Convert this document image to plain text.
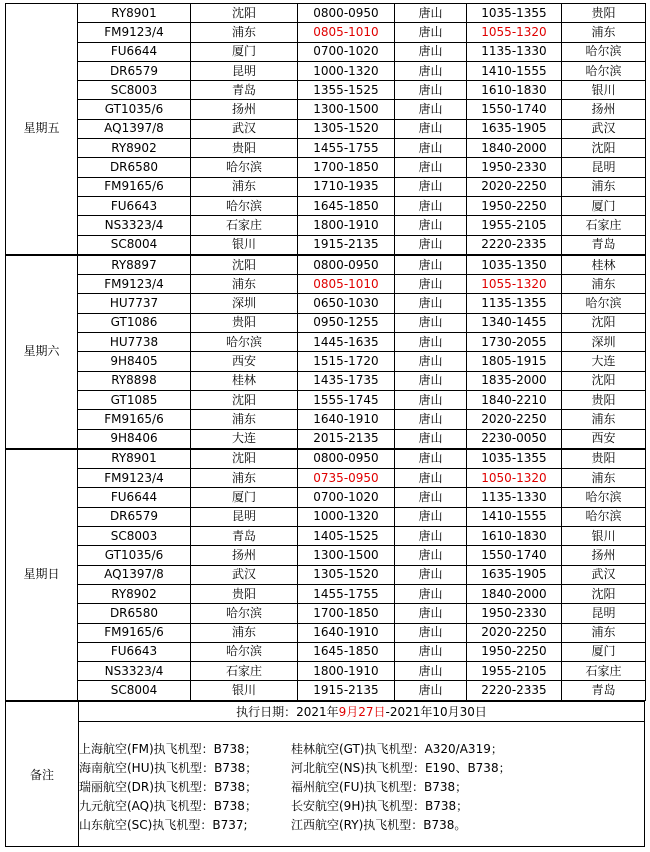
星期五	RY8901	沈阳	0800-0950	唐山	1035-1355	贵阳
	FM9123/4	浦东	0805-1010	唐山	1055-1320	浦东
	FU6644	厦门	0700-1020	唐山	1135-1330	哈尔滨
	DR6579	昆明	1000-1320	唐山	1410-1555	哈尔滨
	SC8003	青岛	1355-1525	唐山	1610-1830	银川
	GT1035/6	扬州	1300-1500	唐山	1550-1740	扬州
	AQ1397/8	武汉	1305-1520	唐山	1635-1905	武汉
	RY8902	贵阳	1455-1755	唐山	1840-2000	沈阳
	DR6580	哈尔滨	1700-1850	唐山	1950-2330	昆明
	FM9165/6	浦东	1710-1935	唐山	2020-2250	浦东
	FU6643	哈尔滨	1645-1850	唐山	1950-2250	厦门
	NS3323/4	石家庄	1800-1910	唐山	1955-2105	石家庄
	SC8004	银川	1915-2135	唐山	2220-2335	青岛
星期六	RY8897	沈阳	0800-0950	唐山	1035-1350	桂林
	FM9123/4	浦东	0805-1010	唐山	1055-1320	浦东
	HU7737	深圳	0650-1030	唐山	1135-1355	哈尔滨
	GT1086	贵阳	0950-1255	唐山	1340-1455	沈阳
	HU7738	哈尔滨	1445-1635	唐山	1730-2055	深圳
	9H8405	西安	1515-1720	唐山	1805-1915	大连
	RY8898	桂林	1435-1735	唐山	1835-2000	沈阳
	GT1085	沈阳	1555-1745	唐山	1840-2210	贵阳
	FM9165/6	浦东	1640-1910	唐山	2020-2250	浦东
	9H8406	大连	2015-2135	唐山	2230-0050	西安
星期日	RY8901	沈阳	0800-0950	唐山	1035-1355	贵阳
	FM9123/4	浦东	0735-0950	唐山	1050-1320	浦东
	FU6644	厦门	0700-1020	唐山	1135-1330	哈尔滨
	DR6579	昆明	1000-1320	唐山	1410-1555	哈尔滨
	SC8003	青岛	1405-1525	唐山	1610-1830	银川
	GT1035/6	扬州	1300-1500	唐山	1550-1740	扬州
	AQ1397/8	武汉	1305-1520	唐山	1635-1905	武汉
	RY8902	贵阳	1455-1755	唐山	1840-2000	沈阳
	DR6580	哈尔滨	1700-1850	唐山	1950-2330	昆明
	FM9165/6	浦东	1640-1910	唐山	2020-2250	浦东
	FU6643	哈尔滨	1645-1850	唐山	1950-2250	厦门
	NS3323/4	石家庄	1800-1910	唐山	1955-2105	石家庄
	SC8004	银川	1915-2135	唐山	2220-2335	青岛
备注	执行日期：2021年9月27日-2021年10月30日

上海航空(FM)执飞机型：B738；	桂林航空(GT)执飞机型：A320/A319；
海南航空(HU)执飞机型：B738；	河北航空(NS)执飞机型：E190、B738；
瑞丽航空(DR)执飞机型：B738；	福州航空(FU)执飞机型：B738；
九元航空(AQ)执飞机型：B738；	长安航空(9H)执飞机型：B738；
山东航空(SC)执飞机型：B737;	江西航空(RY)执飞机型：B738。
